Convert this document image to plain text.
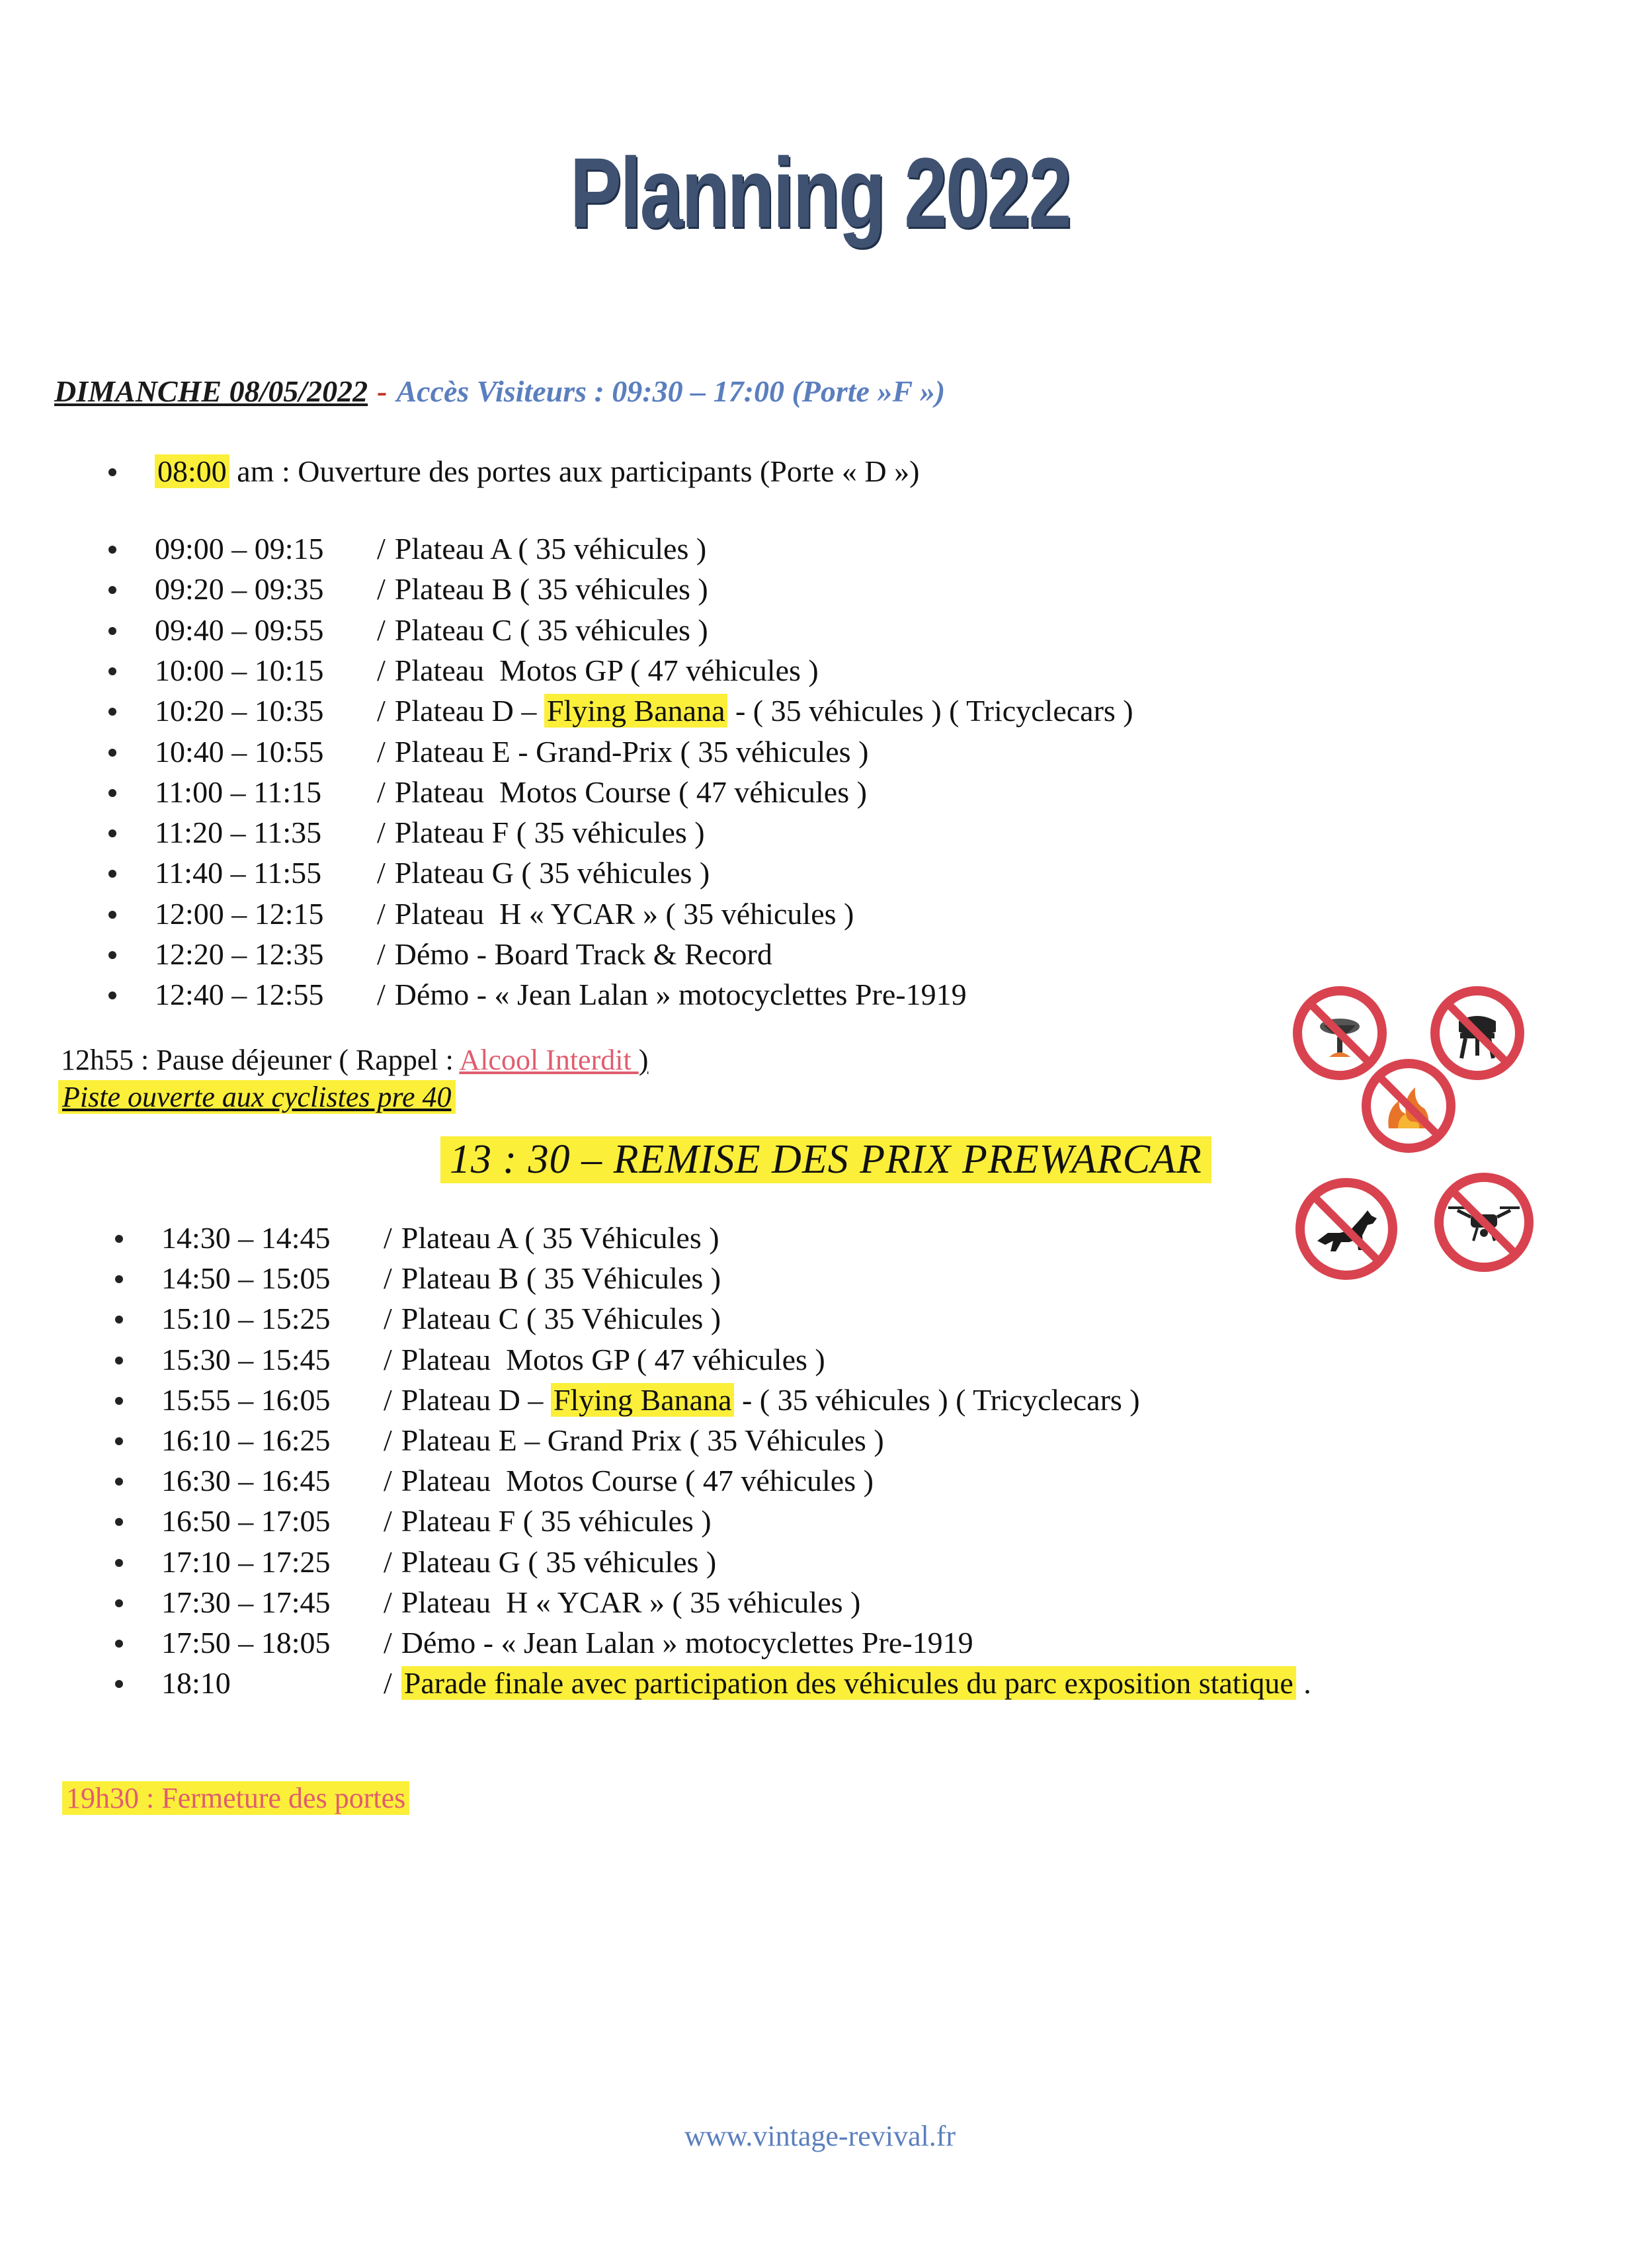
Planning 2022
DIMANCHE 08/05/2022 - Accès Visiteurs : 09:30 – 17:00 (Porte »F »)
08:00 am : Ouverture des portes aux participants (Porte « D »)
09:00 – 09:15 / Plateau A ( 35 véhicules )
09:20 – 09:35 / Plateau B ( 35 véhicules )
09:40 – 09:55 / Plateau C ( 35 véhicules )
10:00 – 10:15 / Plateau  Motos GP ( 47 véhicules )
10:20 – 10:35 / Plateau D – Flying Banana - ( 35 véhicules ) ( Tricyclecars )
10:40 – 10:55 / Plateau E - Grand-Prix ( 35 véhicules )
11:00 – 11:15 / Plateau  Motos Course ( 47 véhicules )
11:20 – 11:35 / Plateau F ( 35 véhicules )
11:40 – 11:55 / Plateau G ( 35 véhicules )
12:00 – 12:15 / Plateau  H « YCAR » ( 35 véhicules )
12:20 – 12:35 / Démo - Board Track & Record
12:40 – 12:55 / Démo - « Jean Lalan » motocyclettes Pre-1919
12h55 : Pause déjeuner ( Rappel : Alcool Interdit )
Piste ouverte aux cyclistes pre 40
13 : 30 – REMISE DES PRIX PREWARCAR
14:30 – 14:45 / Plateau A ( 35 Véhicules )
14:50 – 15:05 / Plateau B ( 35 Véhicules )
15:10 – 15:25 / Plateau C ( 35 Véhicules )
15:30 – 15:45 / Plateau  Motos GP ( 47 véhicules )
15:55 – 16:05 / Plateau D – Flying Banana - ( 35 véhicules ) ( Tricyclecars )
16:10 – 16:25 / Plateau E – Grand Prix ( 35 Véhicules )
16:30 – 16:45 / Plateau  Motos Course ( 47 véhicules )
16:50 – 17:05 / Plateau F ( 35 véhicules )
17:10 – 17:25 / Plateau G ( 35 véhicules )
17:30 – 17:45 / Plateau  H « YCAR » ( 35 véhicules )
17:50 – 18:05 / Démo - « Jean Lalan » motocyclettes Pre-1919
18:10	/ Parade finale avec participation des véhicules du parc exposition statique .
19h30 : Fermeture des portes
www.vintage-revival.fr
